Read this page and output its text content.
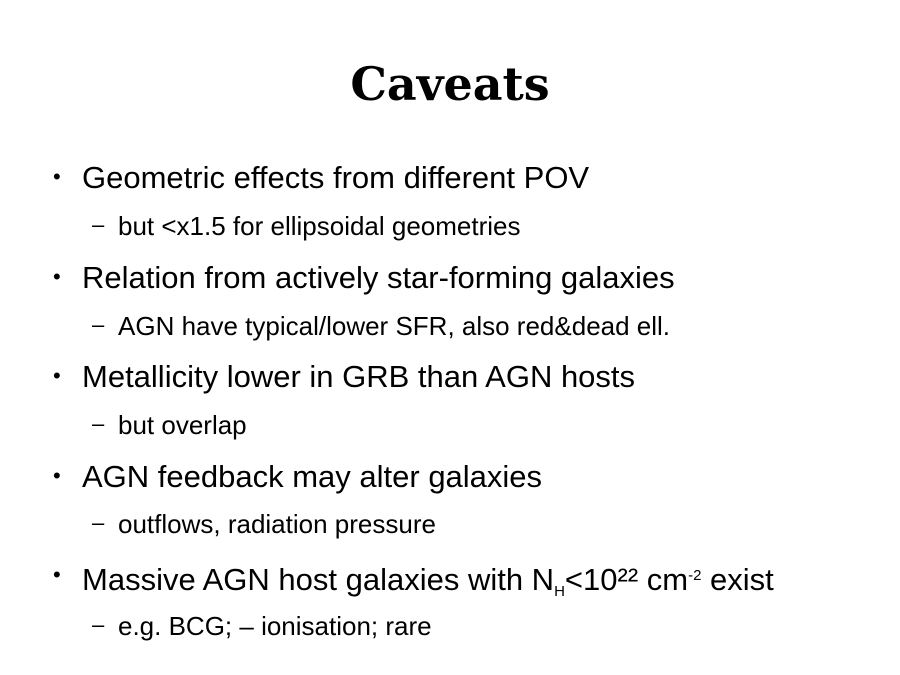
Caveats
• Geometric effects from different POV
– but <x1.5 for ellipsoidal geometries
• Relation from actively star-forming galaxies
– AGN have typical/lower SFR, also red&dead ell.
• Metallicity lower in GRB than AGN hosts
– but overlap
• AGN feedback may alter galaxies
– outflows, radiation pressure
• Massive AGN host galaxies with $N_H<10^{22}$ $cm^{-2}$ exist
– e.g. BCG; – ionisation; rare
